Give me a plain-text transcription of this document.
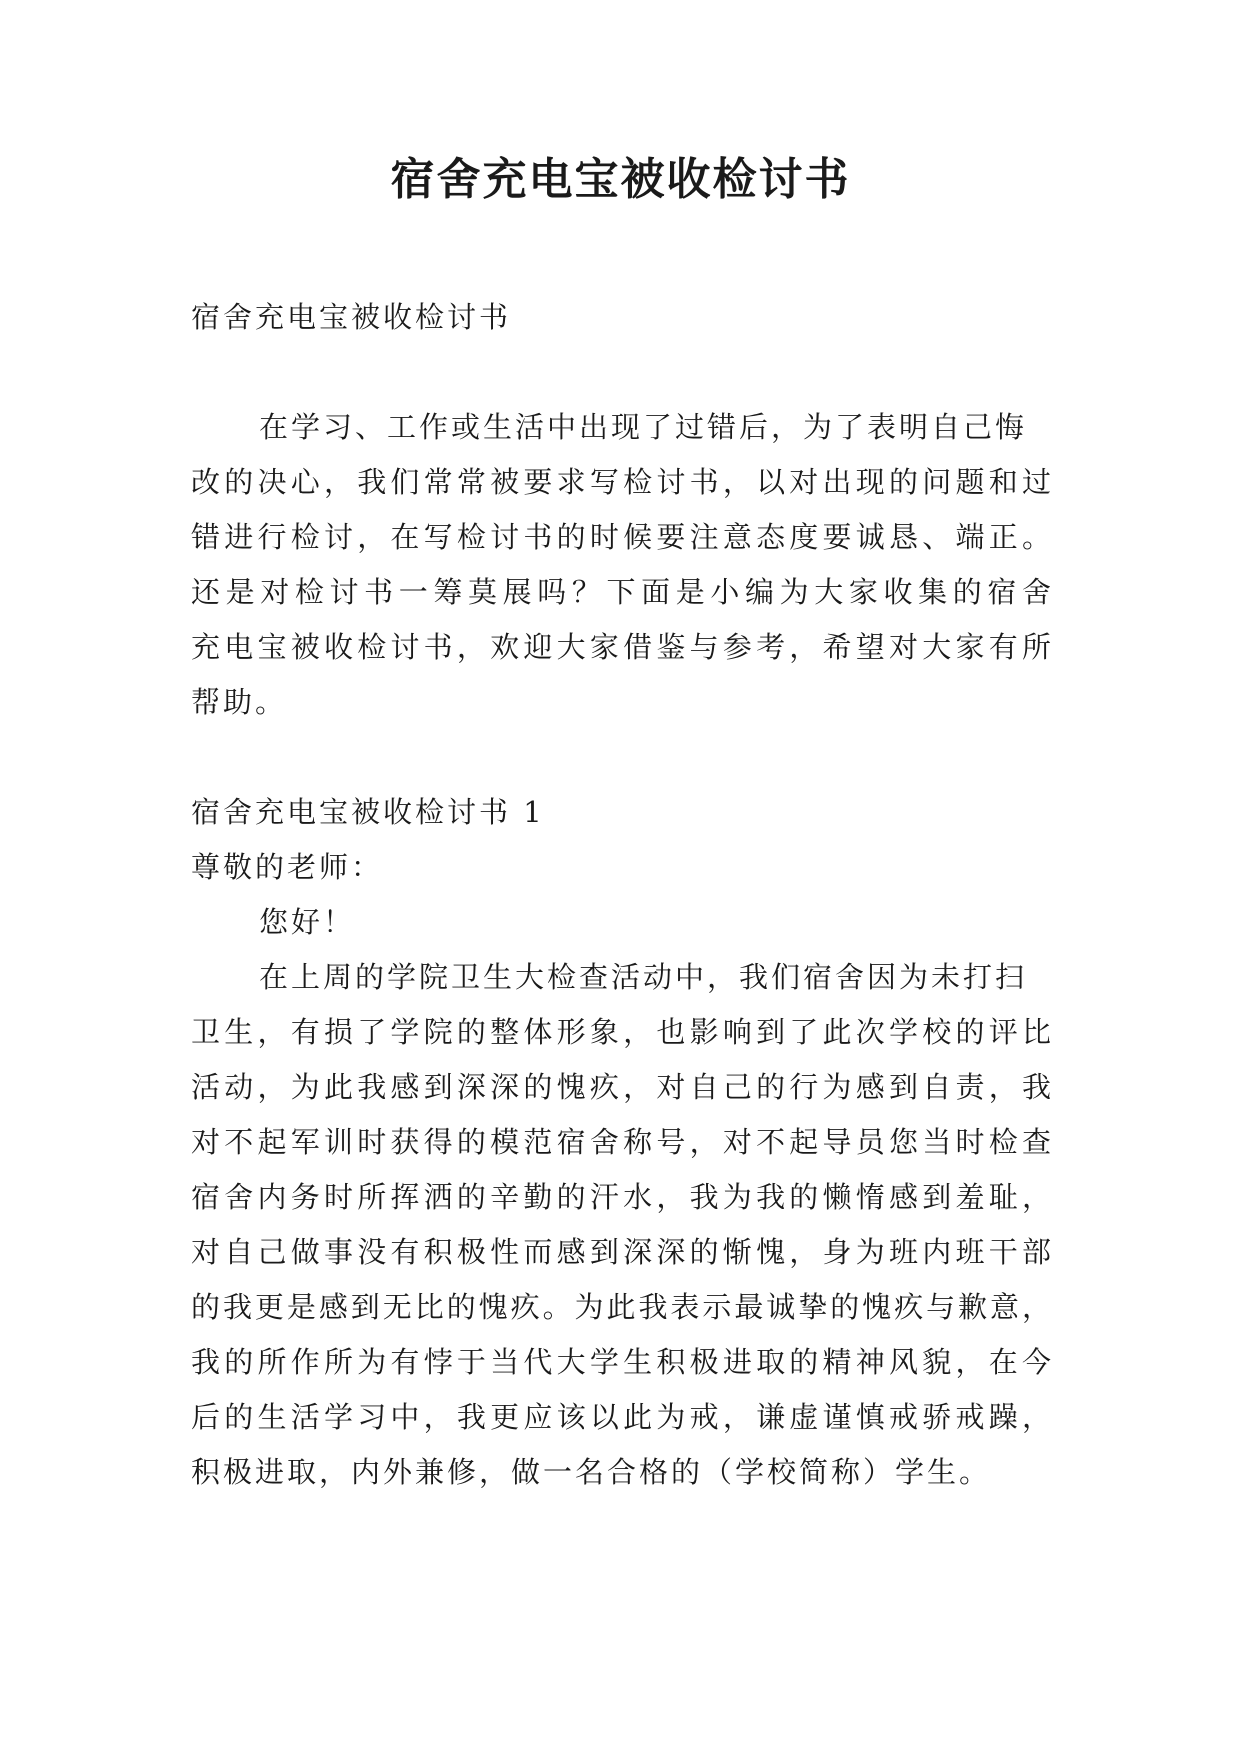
宿舍充电宝被收检讨书

宿舍充电宝被收检讨书

在学习、工作或生活中出现了过错后，为了表明自己悔

改的决心，我们常常被要求写检讨书，以对出现的问题和过

错进行检讨，在写检讨书的时候要注意态度要诚恳、端正。

还是对检讨书一筹莫展吗？下面是小编为大家收集的宿舍

充电宝被收检讨书，欢迎大家借鉴与参考，希望对大家有所

帮助。

宿舍充电宝被收检讨书 1

尊敬的老师：

您好！

在上周的学院卫生大检查活动中，我们宿舍因为未打扫

卫生，有损了学院的整体形象，也影响到了此次学校的评比

活动，为此我感到深深的愧疚，对自己的行为感到自责，我

对不起军训时获得的模范宿舍称号，对不起导员您当时检查

宿舍内务时所挥洒的辛勤的汗水，我为我的懒惰感到羞耻，

对自己做事没有积极性而感到深深的惭愧，身为班内班干部

的我更是感到无比的愧疚。为此我表示最诚挚的愧疚与歉意，

我的所作所为有悖于当代大学生积极进取的精神风貌，在今

后的生活学习中，我更应该以此为戒，谦虚谨慎戒骄戒躁，

积极进取，内外兼修，做一名合格的（学校简称）学生。
